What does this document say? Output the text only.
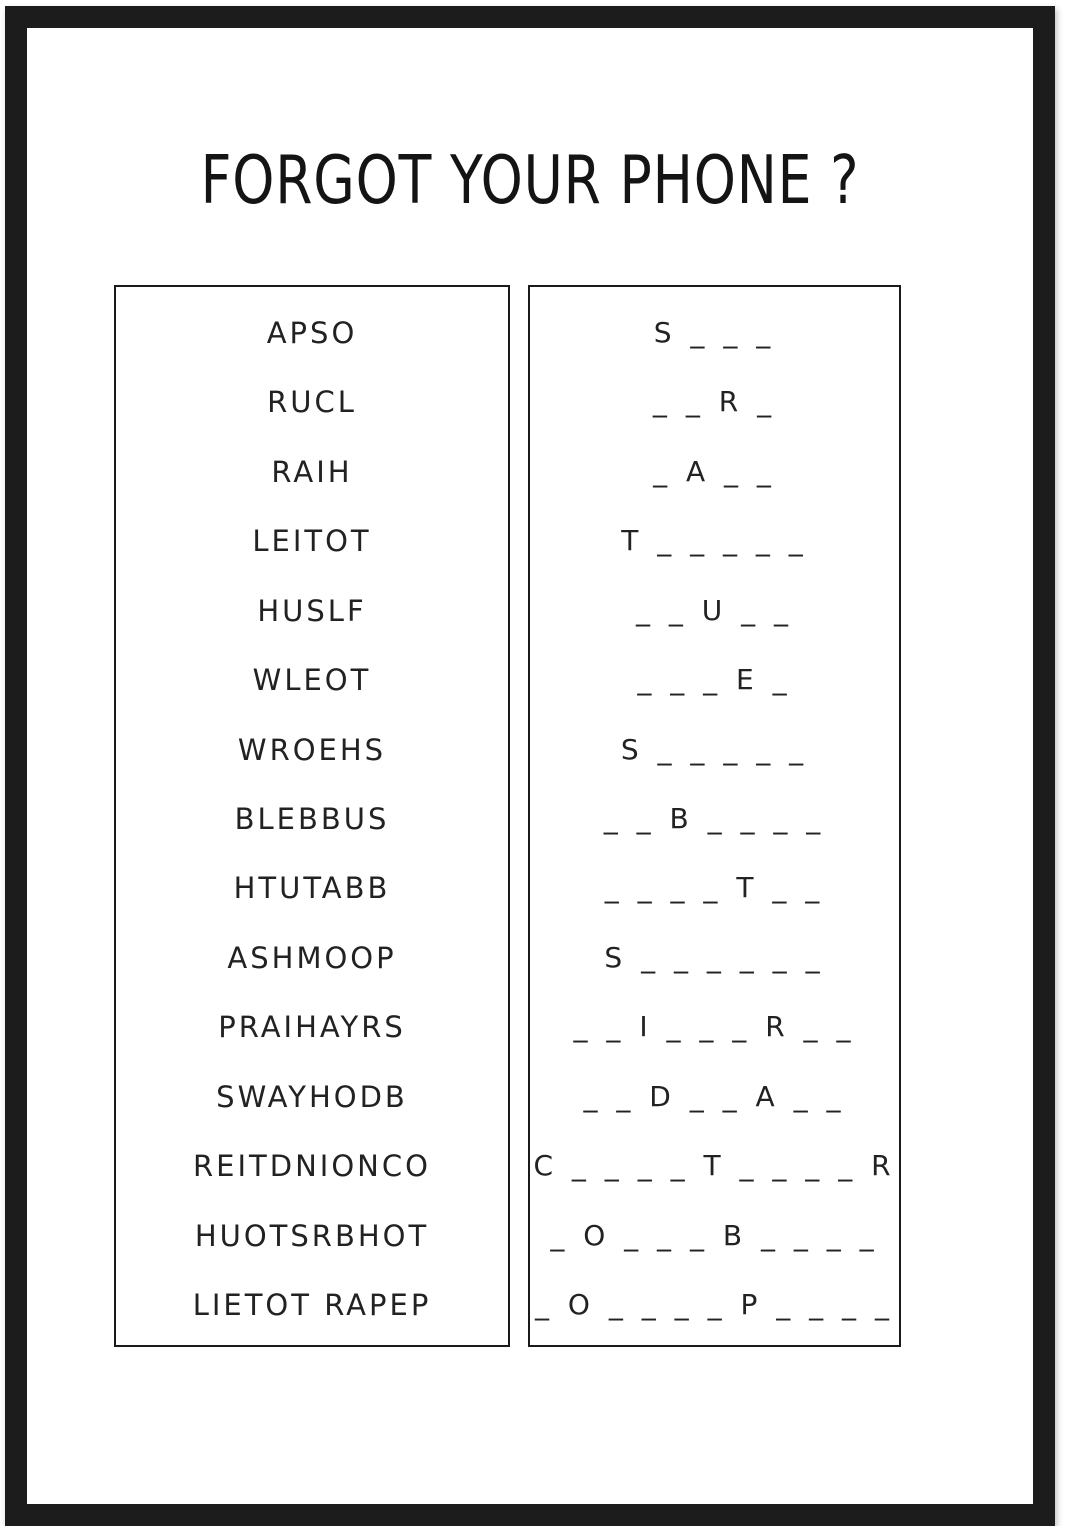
FORGOT YOUR PHONE ?
APSO
RUCL
RAIH
LEITOT
HUSLF
WLEOT
WROEHS
BLEBBUS
HTUTABB
ASHMOOP
PRAIHAYRS
SWAYHODB
REITDNIONCO
HUOTSRBHOT
LIETOT RAPEP
S _ _ _
_ _ R _
_ A _ _
T _ _ _ _ _
_ _ U _ _
_ _ _ E _
S _ _ _ _ _
_ _ B _ _ _ _
_ _ _ _ T _ _
S _ _ _ _ _ _
_ _ I _ _ _ R _ _
_ _ D _ _ A _ _
C _ _ _ _ T _ _ _ _ R
_ O _ _ _ B _ _ _ _
_ O _ _ _ _ P _ _ _ _
